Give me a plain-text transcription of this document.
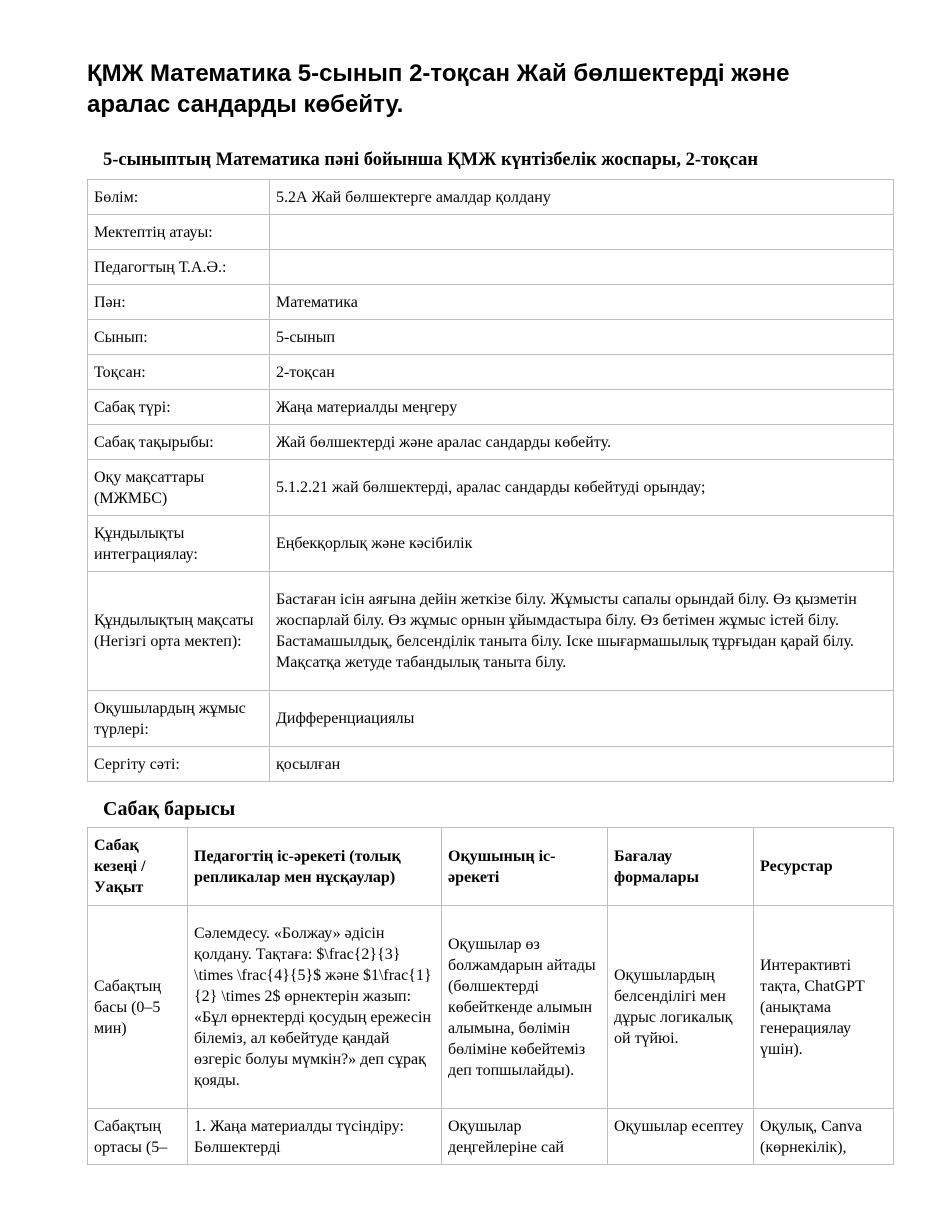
ҚМЖ Математика 5-сынып 2-тоқсан Жай бөлшектерді және аралас сандарды көбейту.
5-сыныптың Математика пәні бойынша ҚМЖ күнтізбелік жоспары, 2-тоқсан
Бөлім:	5.2А Жай бөлшектерге амалдар қолдану
Мектептің атауы:	
Педагогтың Т.А.Ә.:	
Пән:	Математика
Сынып:	5-сынып
Тоқсан:	2-тоқсан
Сабақ түрі:	Жаңа материалды меңгеру
Сабақ тақырыбы:	Жай бөлшектерді және аралас сандарды көбейту.
Оқу мақсаттары (МЖМБС)	5.1.2.21 жай бөлшектерді, аралас сандарды көбейтуді орындау;
Құндылықты интеграциялау:	Еңбекқорлық және кәсібилік
Құндылықтың мақсаты (Негізгі орта мектеп):	Бастаған ісін аяғына дейін жеткізе білу. Жұмысты сапалы орындай білу. Өз қызметін жоспарлай білу. Өз жұмыс орнын ұйымдастыра білу. Өз бетімен жұмыс істей білу. Бастамашылдық, белсенділік таныта білу. Іске шығармашылық тұрғыдан қарай білу. Мақсатқа жетуде табандылық таныта білу.
Оқушылардың жұмыс түрлері:	Дифференциациялы
Сергіту сәті:	қосылған
Сабақ барысы
Сабақ кезеңі / Уақыт	Педагогтің іс-әрекеті (толық репликалар мен нұсқаулар)	Оқушының іс-әрекеті	Бағалау формалары	Ресурстар
Сабақтың басы (0–5 мин)	Сәлемдесу. «Болжау» әдісін қолдану. Тақтаға: $\frac{2}{3} \times \frac{4}{5}$ және $1\frac{1}{2} \times 2$ өрнектерін жазып: «Бұл өрнектерді қосудың ережесін білеміз, ал көбейтуде қандай өзгеріс болуы мүмкін?» деп сұрақ қояды.	Оқушылар өз болжамдарын айтады (бөлшектерді көбейткенде алымын алымына, бөлімін бөліміне көбейтеміз деп топшылайды).	Оқушылардың белсенділігі мен дұрыс логикалық ой түйюі.	Интерактивті тақта, ChatGPT (анықтама генерациялау үшін).
Сабақтың ортасы (5–	1. Жаңа материалды түсіндіру: Бөлшектерді	Оқушылар деңгейлеріне сай	Оқушылар есептеу	Оқулық, Canva (көрнекілік),
